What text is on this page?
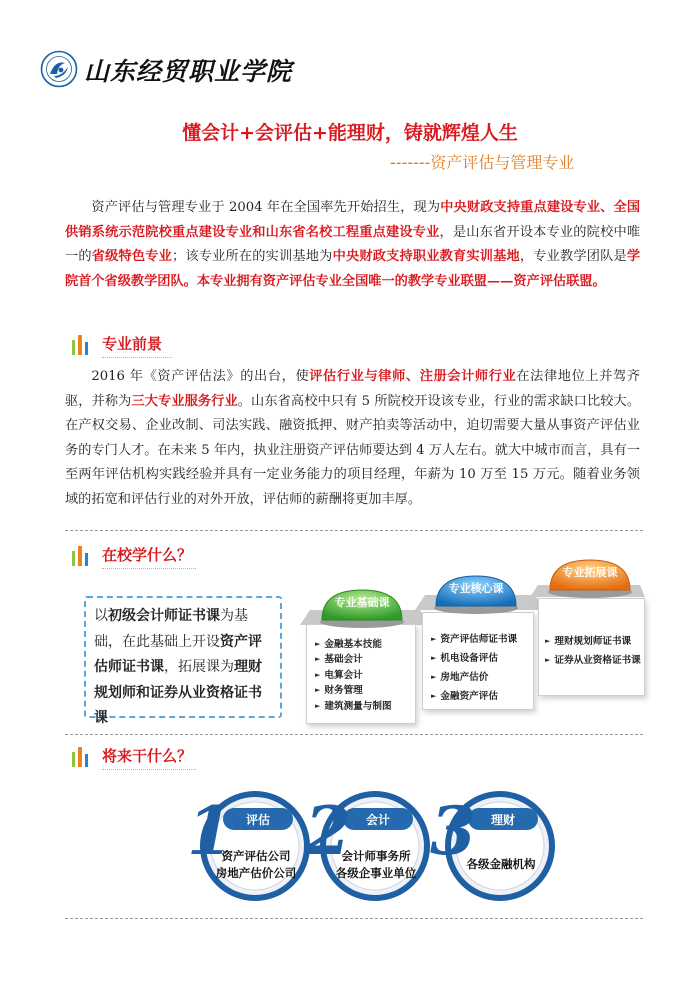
山东经贸职业学院
懂会计+会评估+能理财，铸就辉煌人生
-------资产评估与管理专业
资产评估与管理专业于 2004 年在全国率先开始招生，现为中央财政支持重点建设专业、全国供销系统示范院校重点建设专业和山东省名校工程重点建设专业，是山东省开设本专业的院校中唯一的省级特色专业；该专业所在的实训基地为中央财政支持职业教育实训基地，专业教学团队是学院首个省级教学团队。本专业拥有资产评估专业全国唯一的教学专业联盟——资产评估联盟。
专业前景
2016 年《资产评估法》的出台，使评估行业与律师、注册会计师行业在法律地位上并驾齐驱，并称为三大专业服务行业。山东省高校中只有 5 所院校开设该专业，行业的需求缺口比较大。在产权交易、企业改制、司法实践、融资抵押、财产拍卖等活动中，迫切需要大量从事资产评估业务的专门人才。在未来 5 年内，执业注册资产评估师要达到 4 万人左右。就大中城市而言，具有一至两年评估机构实践经验并具有一定业务能力的项目经理，年薪为 10 万至 15 万元。随着业务领域的拓宽和评估行业的对外开放，评估师的薪酬将更加丰厚。
在校学什么？
以初级会计师证书课为基础，在此基础上开设资产评估师证书课，拓展课为理财规划师和证券从业资格证书课
► 金融基本技能
► 基础会计
► 电算会计
► 财务管理
► 建筑测量与制图
► 资产评估师证书课
► 机电设备评估
► 房地产估价
► 金融资产评估
► 理财规划师证书课
► 证券从业资格证书课
专业基础课
专业核心课
专业拓展课
将来干什么？
评估
1
资产评估公司
房地产估价公司
会计
2
会计师事务所
各级企事业单位
理财
3
各级金融机构
